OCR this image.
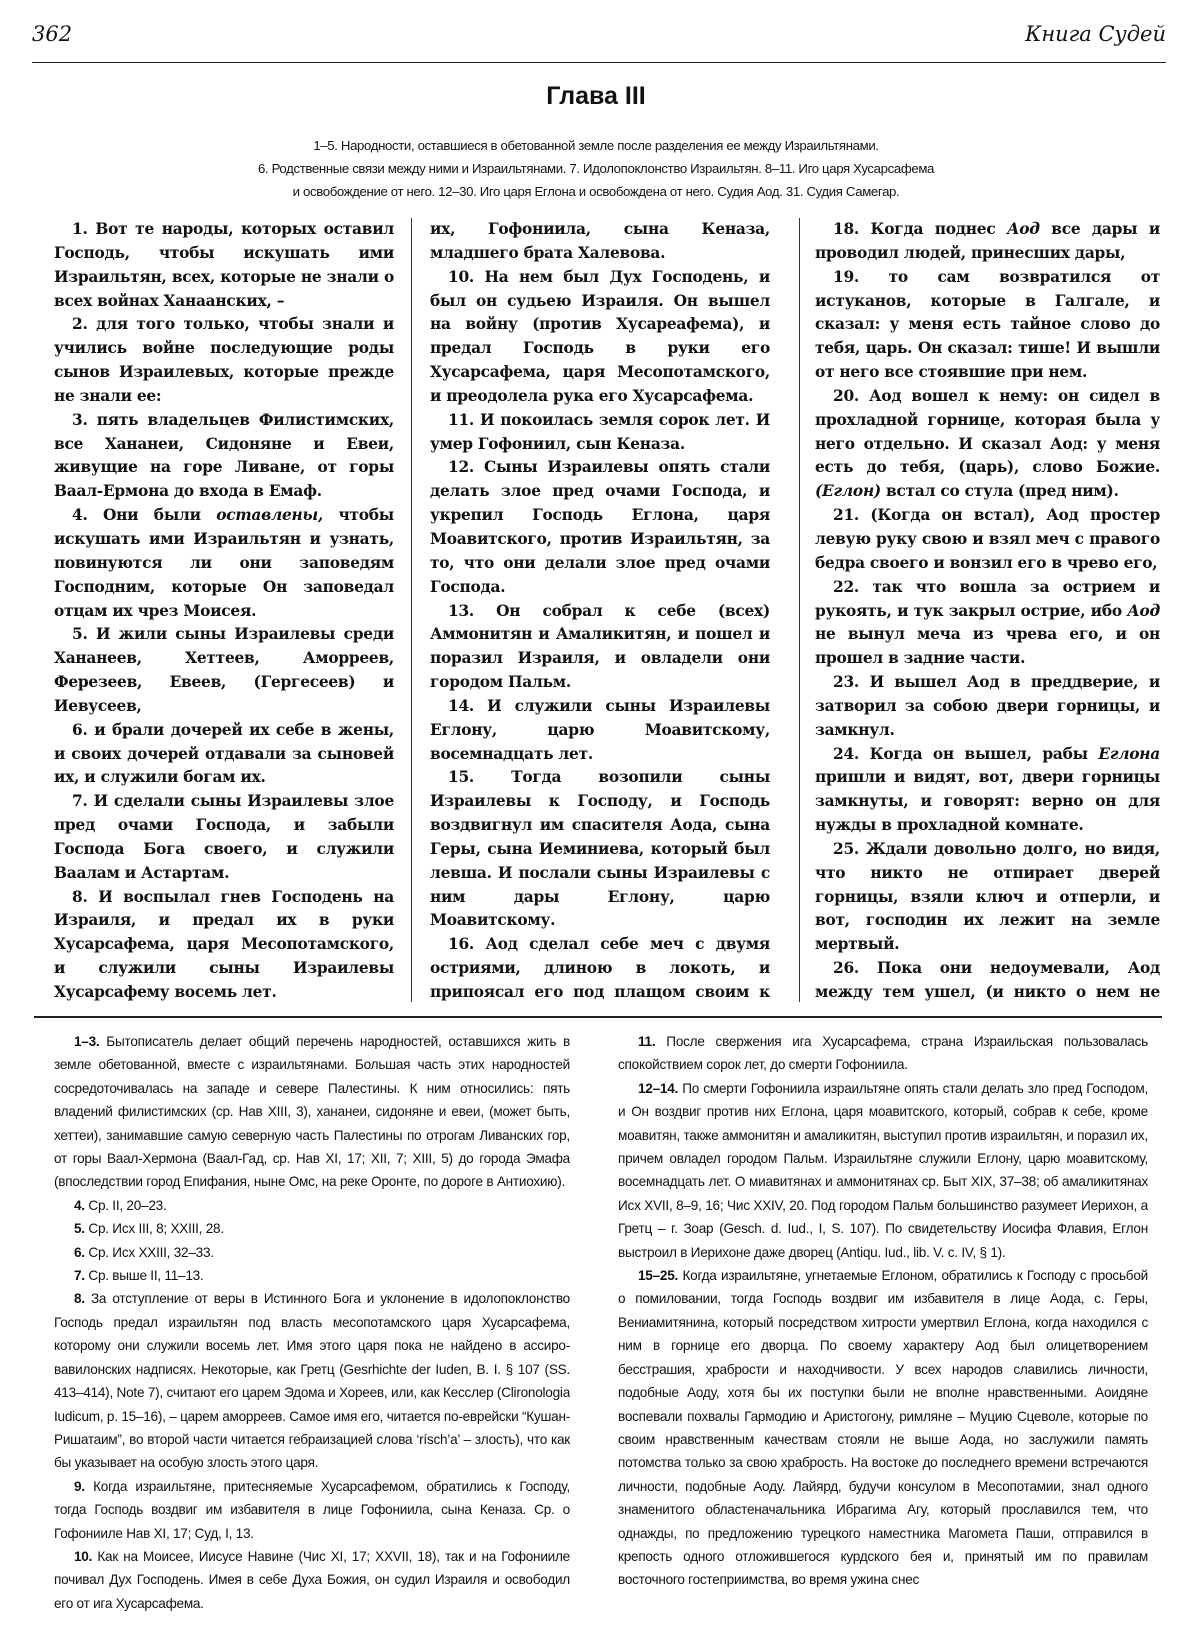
362	Книга Судей
Глава III
1–5. Народности, оставшиеся в обетованной земле после разделения ее между Израильтянами.
6. Родственные связи между ними и Израильтянами. 7. Идолопоклонство Израильтян. 8–11. Иго царя Хусарсафема
и освобождение от него. 12–30. Иго царя Еглона и освобождена от него. Судия Аод. 31. Судия Самегар.

1. Вот те народы, которых оставил Господь, чтобы искушать ими Израильтян, всех, которые не знали о всех войнах Ханаанских, –

2. для того только, чтобы знали и учились войне последующие роды сынов Израилевых, которые прежде не знали ее:

3. пять владельцев Филистимских, все Хананеи, Сидоняне и Евеи, живущие на горе Ливане, от горы Ваал-Ермона до входа в Емаф.

4. Они были оставлены, чтобы искушать ими Израильтян и узнать, повинуются ли они заповедям Господним, которые Он заповедал отцам их чрез Моисея.

5. И жили сыны Израилевы среди Хананеев, Хеттеев, Аморреев, Ферезеев, Евеев, (Гергесеев) и Иевусеев,

6. и брали дочерей их себе в жены, и своих дочерей отдавали за сыновей их, и служили богам их.

7. И сделали сыны Израилевы злое пред очами Господа, и забыли Господа Бога своего, и служили Ваалам и Астартам.

8. И воспылал гнев Господень на Израиля, и предал их в руки Хусарсафема, царя Месопотамского, и служили сыны Израилевы Хусарсафему восемь лет.

их, Гофониила, сына Кеназа, младшего брата Халевова.

10. На нем был Дух Господень, и был он судьею Израиля. Он вышел на войну (против Хусареафема), и предал Господь в руки его Хусарсафема, царя Месопотамского, и преодолела рука его Хусарсафема.

11. И покоилась земля сорок лет. И умер Гофониил, сын Кеназа.

12. Сыны Израилевы опять стали делать злое пред очами Господа, и укрепил Господь Еглона, царя Моавитского, против Израильтян, за то, что они делали злое пред очами Господа.

13. Он собрал к себе (всех) Аммонитян и Амаликитян, и пошел и поразил Израиля, и овладели они городом Пальм.

14. И служили сыны Израилевы Еглону, царю Моавитскому, восемнадцать лет.

15. Тогда возопили сыны Израилевы к Господу, и Господь воздвигнул им спасителя Аода, сына Геры, сына Иеминиева, который был левша. И послали сыны Израилевы с ним дары Еглону, царю Моавитскому.

16. Аод сделал себе меч с двумя остриями, длиною в локоть, и припоясал его под плащом своим к

18. Когда поднес Аод все дары и проводил людей, принесших дары,

19. то сам возвратился от истуканов, которые в Галгале, и сказал: у меня есть тайное слово до тебя, царь. Он сказал: тише! И вышли от него все стоявшие при нем.

20. Аод вошел к нему: он сидел в прохладной горнице, которая была у него отдельно. И сказал Аод: у меня есть до тебя, (царь), слово Божие. (Еглон) встал со стула (пред ним).

21. (Когда он встал), Аод простер левую руку свою и взял меч с правого бедра своего и вонзил его в чрево его,

22. так что вошла за острием и рукоять, и тук закрыл острие, ибо Аод не вынул меча из чрева его, и он прошел в задние части.

23. И вышел Аод в преддверие, и затворил за собою двери горницы, и замкнул.

24. Когда он вышел, рабы Еглона пришли и видят, вот, двери горницы замкнуты, и говорят: верно он для нужды в прохладной комнате.

25. Ждали довольно долго, но видя, что никто не отпирает дверей горницы, взяли ключ и отперли, и вот, господин их лежит на земле мертвый.

26. Пока они недоумевали, Аод между тем ушел, (и никто о нем не

1–3. Бытописатель делает общий перечень народностей, оставшихся жить в земле обетованной, вместе с израильтянами. Большая часть этих народностей сосредоточивалась на западе и севере Палестины. К ним относились: пять владений филистимских (ср. Нав XIII, 3), хананеи, сидоняне и евеи, (может быть, хеттеи), занимавшие самую северную часть Палестины по отрогам Ливанских гор, от горы Ваал-Хермона (Ваал-Гад, ср. Нав XI, 17; XII, 7; XIII, 5) до города Эмафа (впоследствии город Епифания, ныне Омс, на реке Оронте, по дороге в Антиохию).

4. Ср. II, 20–23.

5. Ср. Исх III, 8; XXIII, 28.

6. Ср. Исх XXIII, 32–33.

7. Ср. выше II, 11–13.

8. За отступление от веры в Истинного Бога и уклонение в идолопоклонство Господь предал израильтян под власть месопотамского царя Хусарсафема, которому они служили восемь лет. Имя этого царя пока не найдено в ассиро-вавилонских надписях. Некоторые, как Гретц (Gesrhichte der Iuden, B. I. § 107 (SS. 413–414), Note 7), считают его царем Эдома и Хореев, или, как Кесслер (Clironologia Iudicum, p. 15–16), – царем аморреев. Самое имя его, читается по-еврейски “Кушан-Ришатаим”, во второй части читается гебраизацией слова ‘rísch’a’ – злость), что как бы указывает на особую злость этого царя.

9. Когда израильтяне, притесняемые Хусарсафемом, обратились к Господу, тогда Господь воздвиг им избавителя в лице Гофониила, сына Кеназа. Ср. о Гофонииле Нав XI, 17; Суд, I, 13.

10. Как на Моисее, Иисусе Навине (Чис XI, 17; XXVII, 18), так и на Гофонииле почивал Дух Господень. Имея в себе Духа Божия, он судил Израиля и освободил его от ига Хусарсафема.

11. После свержения ига Хусарсафема, страна Израильская пользовалась спокойствием сорок лет, до смерти Гофониила.

12–14. По смерти Гофониила израильтяне опять стали делать зло пред Господом, и Он воздвиг против них Еглона, царя моавитского, который, собрав к себе, кроме моавитян, также аммонитян и амаликитян, выступил против израильтян, и поразил их, причем овладел городом Пальм. Израильтяне служили Еглону, царю моавитскому, восемнадцать лет. О миавитянах и аммонитянах ср. Быт XIX, 37–38; об амаликитянах Исх XVII, 8–9, 16; Чис XXIV, 20. Под городом Пальм большинство разумеет Иерихон, а Гретц – г. Зоар (Gesch. d. Iud., I, S. 107). По свидетельству Иосифа Флавия, Еглон выстроил в Иерихоне даже дворец (Antiqu. Iud., lib. V. c. IV, § 1).

15–25. Когда израильтяне, угнетаемые Еглоном, обратились к Господу с просьбой о помиловании, тогда Господь воздвиг им избавителя в лице Аода, с. Геры, Вениамитянина, который посредством хитрости умертвил Еглона, когда находился с ним в горнице его дворца. По своему характеру Аод был олицетворением бесстрашия, храбрости и находчивости. У всех народов славились личности, подобные Аоду, хотя бы их поступки были не вполне нравственными. Аоидяне воспевали похвалы Гармодию и Аристогону, римляне – Муцию Сцеволе, которые по своим нравственным качествам стояли не выше Аода, но заслужили память потомства только за свою храбрость. На востоке до последнего времени встречаются личности, подобные Аоду. Лайярд, будучи консулом в Месопотамии, знал одного знаменитого областеначальника Ибрагима Агу, который прославился тем, что однажды, по предложению турецкого наместника Магомета Паши, отправился в крепость одного отложившегося курдского бея и, принятый им по правилам восточного гостеприимства, во время ужина снес
